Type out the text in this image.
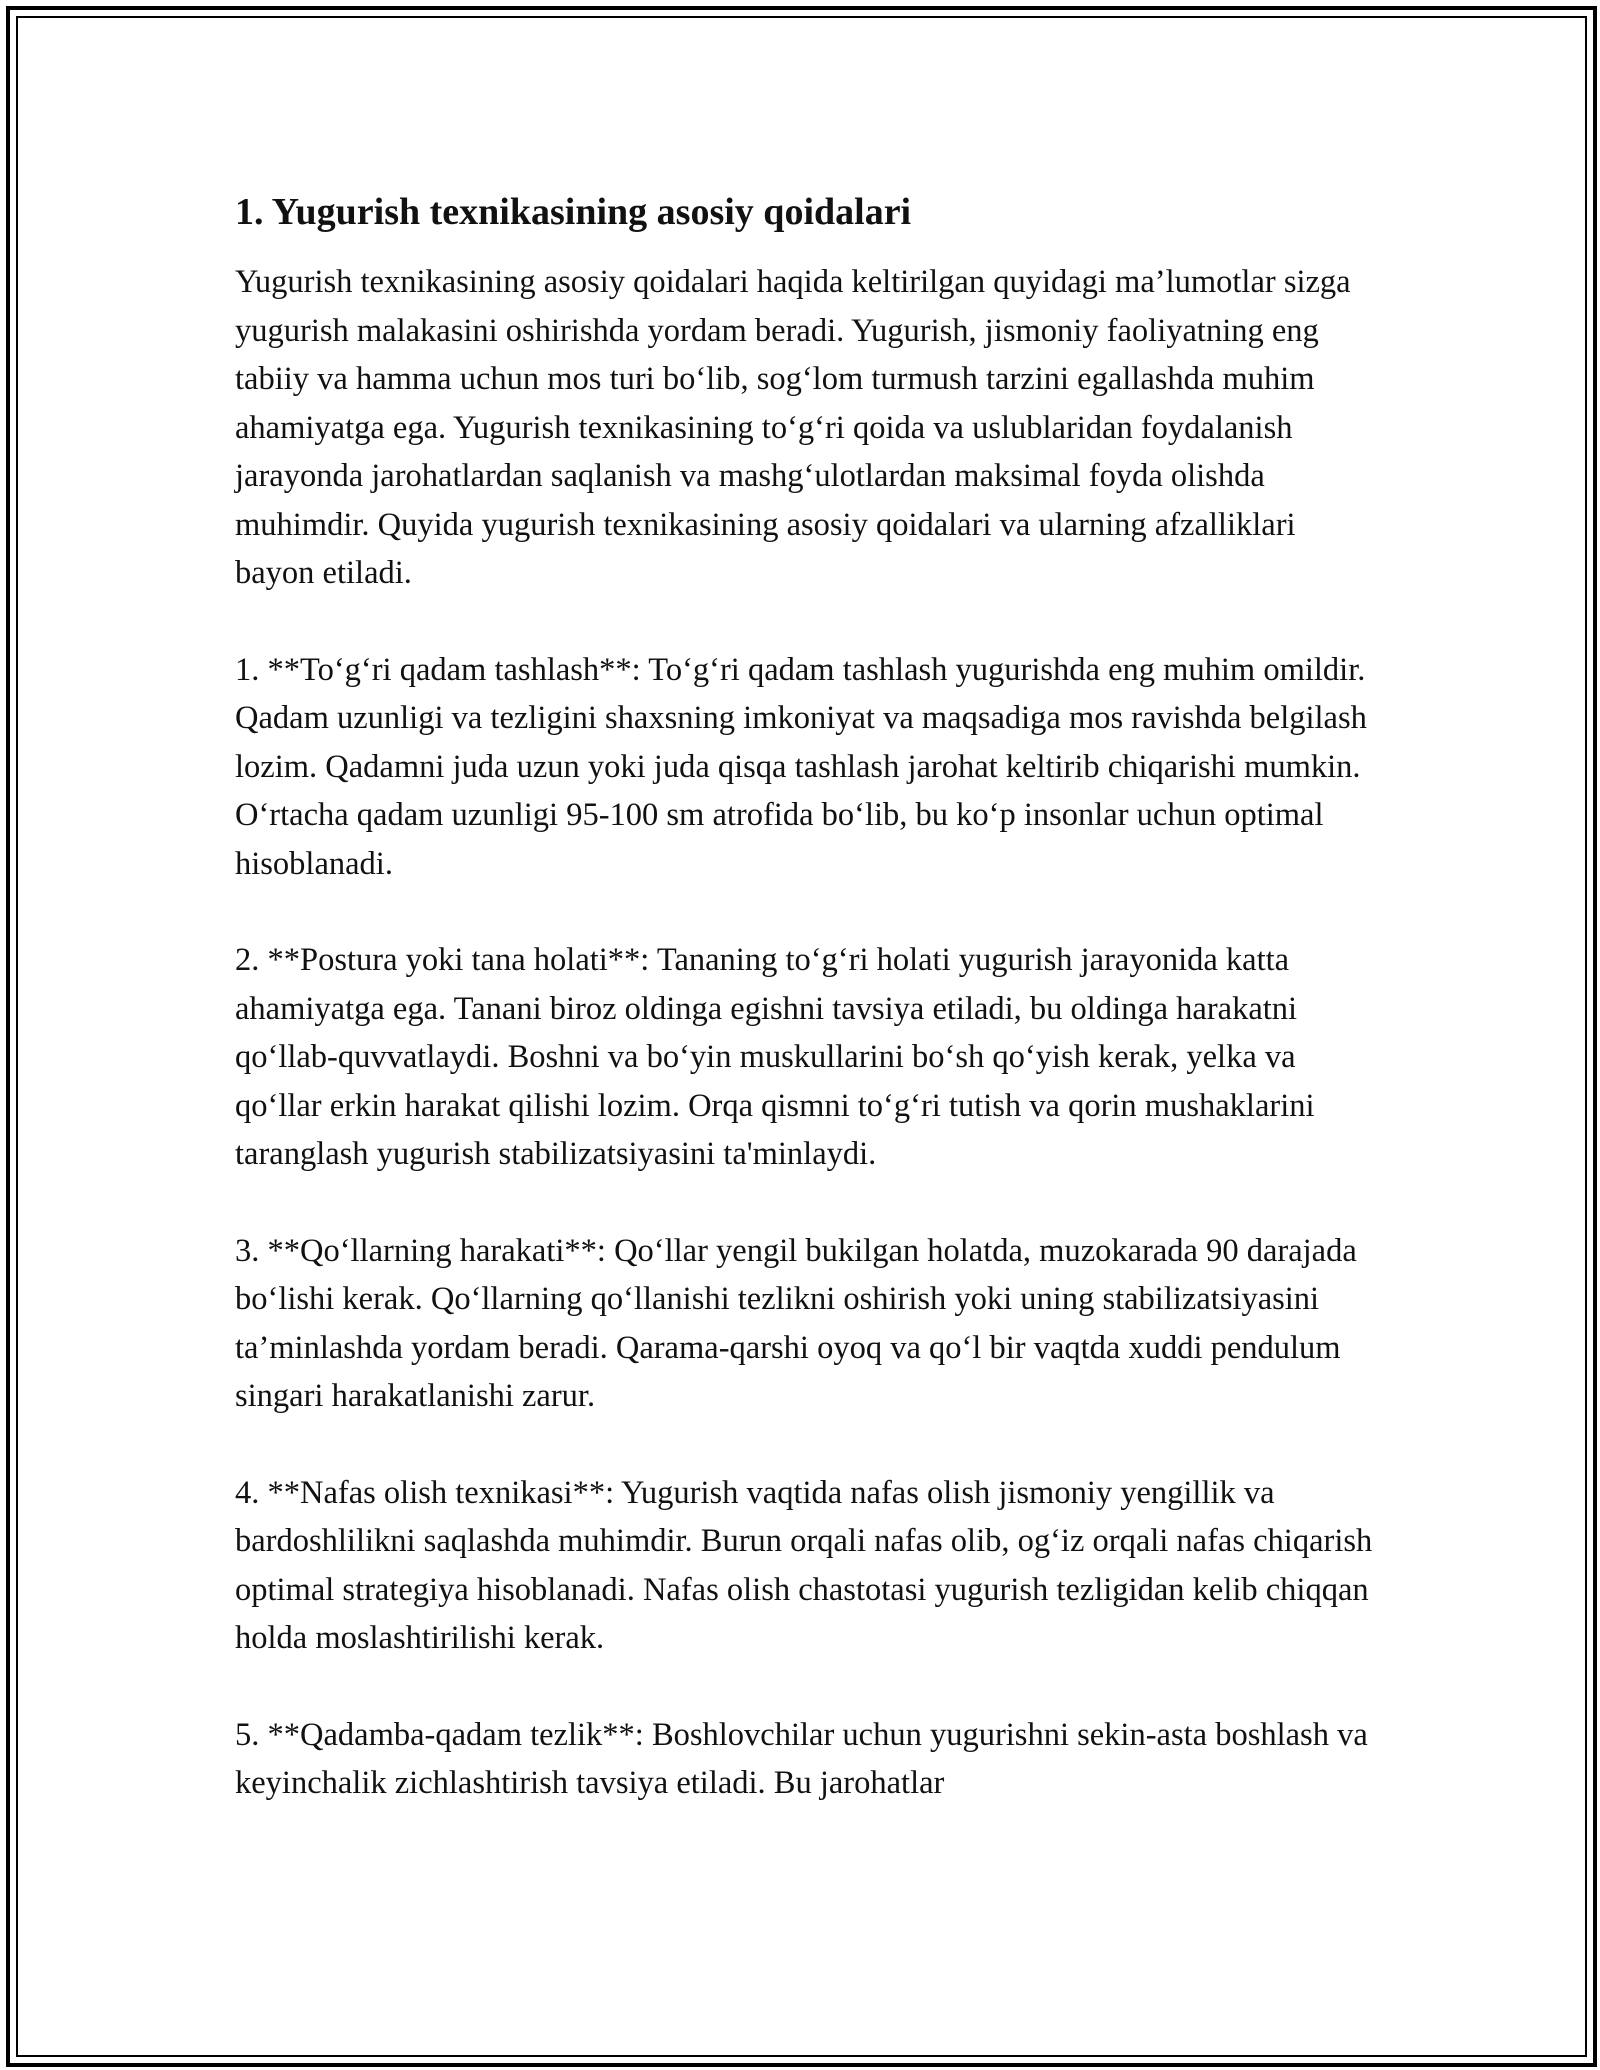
1. Yugurish texnikasining asosiy qoidalari

Yugurish texnikasining asosiy qoidalari haqida keltirilgan quyidagi ma’lumotlar sizga yugurish malakasini oshirishda yordam beradi. Yugurish, jismoniy faoliyatning eng tabiiy va hamma uchun mos turi bo‘lib, sog‘lom turmush tarzini egallashda muhim ahamiyatga ega. Yugurish texnikasining to‘g‘ri qoida va uslublaridan foydalanish jarayonda jarohatlardan saqlanish va mashg‘ulotlardan maksimal foyda olishda muhimdir. Quyida yugurish texnikasining asosiy qoidalari va ularning afzalliklari bayon etiladi.

1. **To‘g‘ri qadam tashlash**: To‘g‘ri qadam tashlash yugurishda eng muhim omildir. Qadam uzunligi va tezligini shaxsning imkoniyat va maqsadiga mos ravishda belgilash lozim. Qadamni juda uzun yoki juda qisqa tashlash jarohat keltirib chiqarishi mumkin. O‘rtacha qadam uzunligi 95-100 sm atrofida bo‘lib, bu ko‘p insonlar uchun optimal hisoblanadi.

2. **Postura yoki tana holati**: Tananing to‘g‘ri holati yugurish jarayonida katta ahamiyatga ega. Tanani biroz oldinga egishni tavsiya etiladi, bu oldinga harakatni qo‘llab-quvvatlaydi. Boshni va bo‘yin muskullarini bo‘sh qo‘yish kerak, yelka va qo‘llar erkin harakat qilishi lozim. Orqa qismni to‘g‘ri tutish va qorin mushaklarini taranglash yugurish stabilizatsiyasini ta'minlaydi.

3. **Qo‘llarning harakati**: Qo‘llar yengil bukilgan holatda, muzokarada 90 darajada bo‘lishi kerak. Qo‘llarning qo‘llanishi tezlikni oshirish yoki uning stabilizatsiyasini ta’minlashda yordam beradi. Qarama-qarshi oyoq va qo‘l bir vaqtda xuddi pendulum singari harakatlanishi zarur.

4. **Nafas olish texnikasi**: Yugurish vaqtida nafas olish jismoniy yengillik va bardoshlilikni saqlashda muhimdir. Burun orqali nafas olib, og‘iz orqali nafas chiqarish optimal strategiya hisoblanadi. Nafas olish chastotasi yugurish tezligidan kelib chiqqan holda moslashtirilishi kerak.

5. **Qadamba-qadam tezlik**: Boshlovchilar uchun yugurishni sekin-asta boshlash va keyinchalik zichlashtirish tavsiya etiladi. Bu jarohatlar
